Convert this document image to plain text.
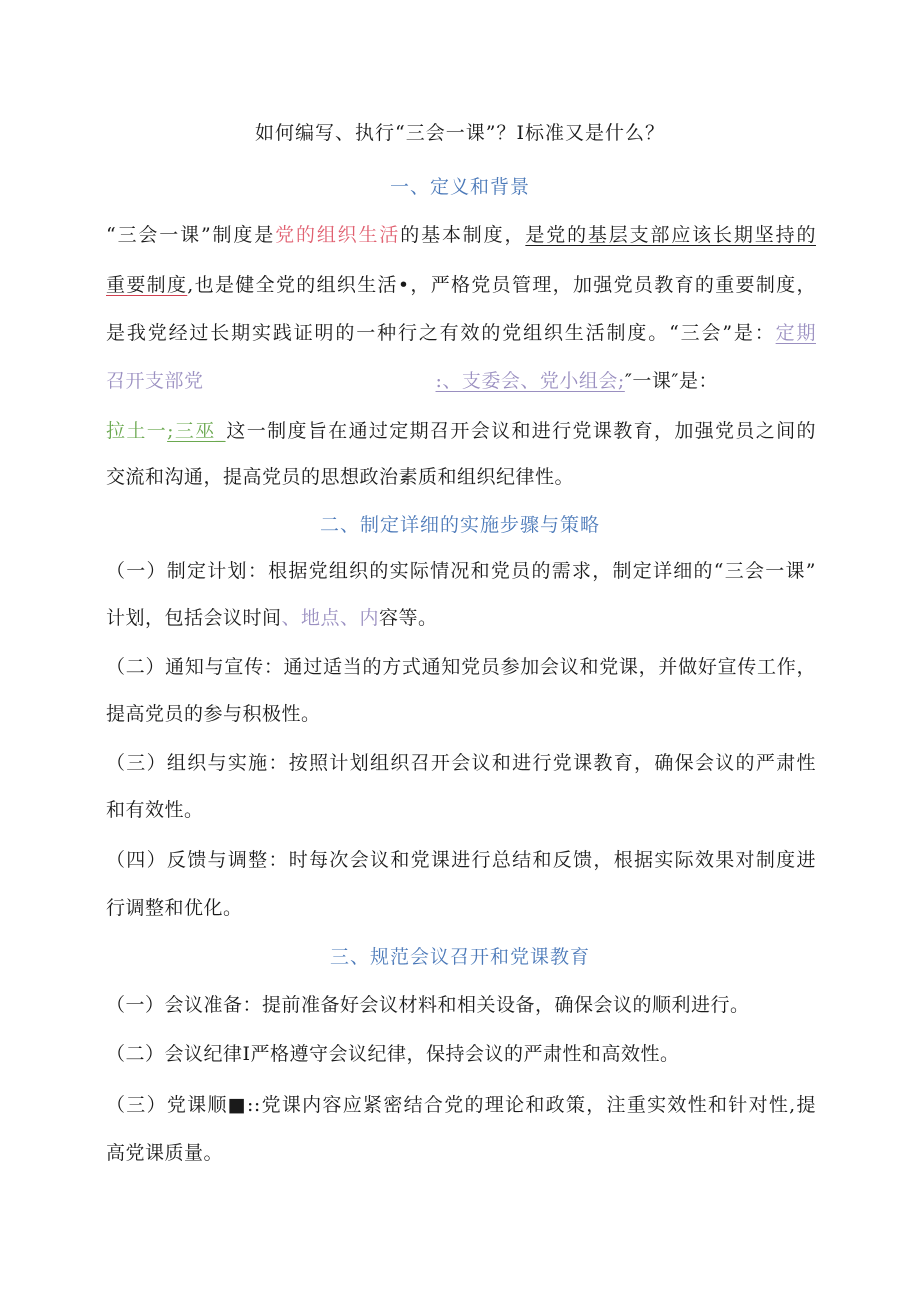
如何编写、执行“三会一课”？I标准又是什么？
一、定义和背景
“三会一课”制度是党的组织生活的基本制度，是党的基层支部应该长期坚持的
重要制度,也是健全党的组织生活•，严格党员管理，加强党员教育的重要制度，
是我党经过长期实践证明的一种行之有效的党组织生活制度。“三会”是：定期
召开支部党	:、支委会、党小组会;″一课″是：
拉土一;三巫_这一制度旨在通过定期召开会议和进行党课教育，加强党员之间的
交流和沟通，提高党员的思想政治素质和组织纪律性。
二、制定详细的实施步骤与策略
（一）制定计划：根据党组织的实际情况和党员的需求，制定详细的“三会一课”
计划，包括会议时间、地点、内容等。
（二）通知与宣传：通过适当的方式通知党员参加会议和党课，并做好宣传工作，
提高党员的参与积极性。
（三）组织与实施：按照计划组织召开会议和进行党课教育，确保会议的严肃性
和有效性。
（四）反馈与调整：时每次会议和党课进行总结和反馈，根据实际效果对制度进
行调整和优化。
三、规范会议召开和党课教育
（一）会议准备：提前准备好会议材料和相关设备，确保会议的顺利进行。
（二）会议纪律I严格遵守会议纪律，保持会议的严肃性和高效性。
（三）党课顺■::党课内容应紧密结合党的理论和政策，注重实效性和针对性,提
高党课质量。
